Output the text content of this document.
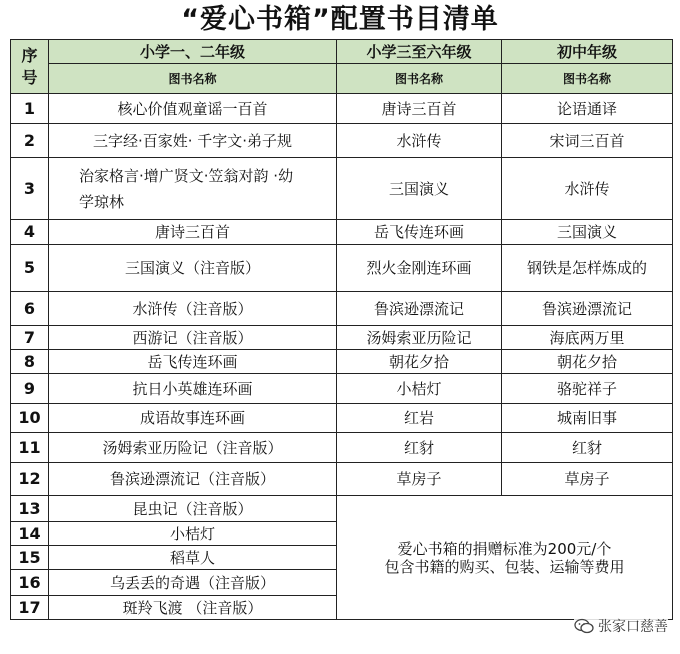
“爱心书箱”配置书目清单
序
号	小学一、二年级	小学三至六年级	初中年级
	图书名称	图书名称	图书名称
1	核心价值观童谣一百首	唐诗三百首	论语通译
2	三字经·百家姓· 千字文·弟子规	水浒传	宋词三百首
3	治家格言·增广贤文·笠翁对韵 ·幼学琼林	三国演义	水浒传
4	唐诗三百首	岳飞传连环画	三国演义
5	三国演义（注音版）	烈火金刚连环画	钢铁是怎样炼成的
6	水浒传（注音版）	鲁滨逊漂流记	鲁滨逊漂流记
7	西游记（注音版）	汤姆索亚历险记	海底两万里
8	岳飞传连环画	朝花夕拾	朝花夕拾
9	抗日小英雄连环画	小桔灯	骆驼祥子
10	成语故事连环画	红岩	城南旧事
11	汤姆索亚历险记（注音版）	红豺	红豺
12	鲁滨逊漂流记（注音版）	草房子	草房子
13	昆虫记（注音版）	爱心书箱的捐赠标准为200元/个
包含书籍的购买、包装、运输等费用	

14	小桔灯		
15	稻草人		
16	乌丢丢的奇遇（注音版）		
17	斑羚飞渡 （注音版）		
张家口慈善
